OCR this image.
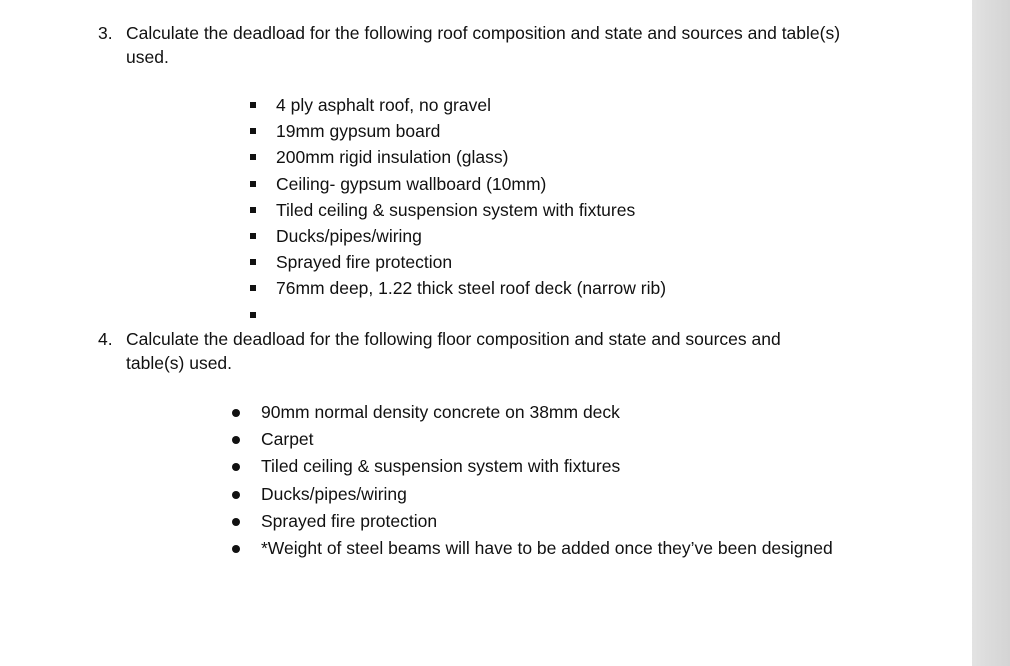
3. Calculate the deadload for the following roof composition and state and sources and table(s)
used.
4 ply asphalt roof, no gravel
19mm gypsum board
200mm rigid insulation (glass)
Ceiling- gypsum wallboard (10mm)
Tiled ceiling & suspension system with fixtures
Ducks/pipes/wiring
Sprayed fire protection
76mm deep, 1.22 thick steel roof deck (narrow rib)
4. Calculate the deadload for the following floor composition and state and sources and
table(s) used.
90mm normal density concrete on 38mm deck
Carpet
Tiled ceiling & suspension system with fixtures
Ducks/pipes/wiring
Sprayed fire protection
*Weight of steel beams will have to be added once they’ve been designed
